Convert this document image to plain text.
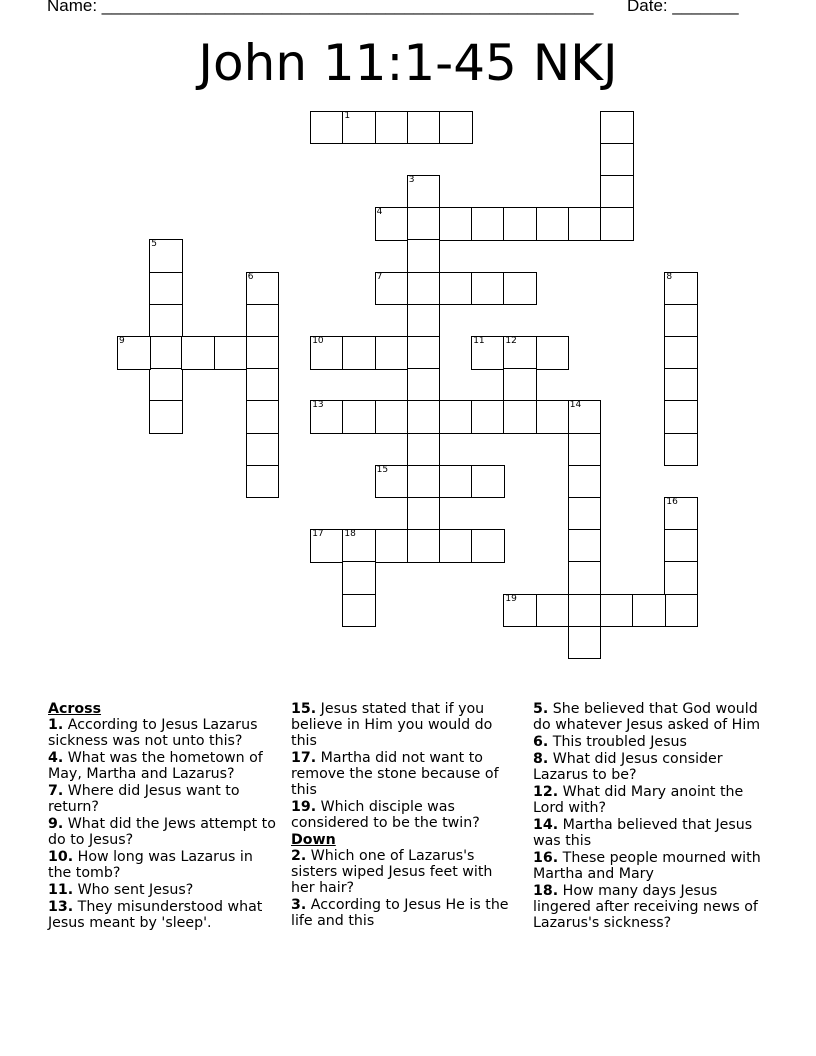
Name: ____________________________________________________ Date: _______
John 11:1-45 NKJ
1
3
4
5
6	7	8
9	10	11 12
13	14
15
16
17 18
19
Across
1. According to Jesus Lazarus sickness was not unto this?
4. What was the hometown of May, Martha and Lazarus?
7. Where did Jesus want to return?
9. What did the Jews attempt to do to Jesus?
10. How long was Lazarus in the tomb?
11. Who sent Jesus?
13. They misunderstood what Jesus meant by 'sleep'.
15. Jesus stated that if you believe in Him you would do this
17. Martha did not want to remove the stone because of this
19. Which disciple was considered to be the twin?
Down
2. Which one of Lazarus's sisters wiped Jesus feet with her hair?
3. According to Jesus He is the life and this
5. She believed that God would do whatever Jesus asked of Him
6. This troubled Jesus
8. What did Jesus consider Lazarus to be?
12. What did Mary anoint the Lord with?
14. Martha believed that Jesus was this
16. These people mourned with Martha and Mary
18. How many days Jesus lingered after receiving news of Lazarus's sickness?
